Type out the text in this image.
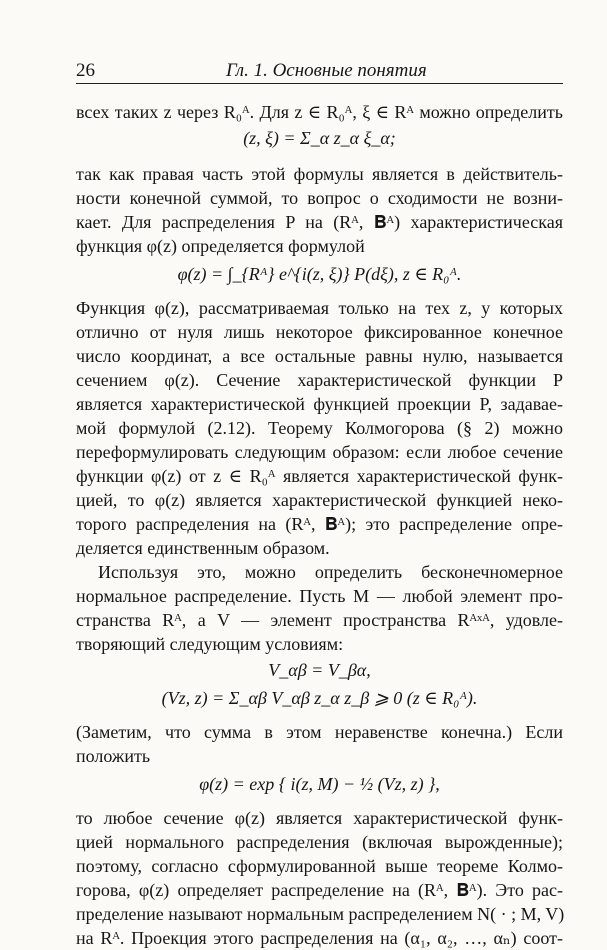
26	Гл. 1. Основные понятия
всех таких z через R₀ᴬ. Для z ∈ R₀ᴬ, ξ ∈ Rᴬ можно определить
(z, ξ) = Σ_α z_α ξ_α;
так как правая часть этой формулы является в действитель-
ности конечной суммой, то вопрос о сходимости не возни-
кает. Для распределения P на (Rᴬ, 𝐁ᴬ) характеристическая
функция φ(z) определяется формулой
φ(z) = ∫_{Rᴬ} e^{i(z, ξ)} P(dξ), z ∈ R₀ᴬ.
Функция φ(z), рассматриваемая только на тех z, у которых
отлично от нуля лишь некоторое фиксированное конечное
число координат, а все остальные равны нулю, называется
сечением φ(z). Сечение характеристической функции P
является характеристической функцией проекции P, задавае-
мой формулой (2.12). Теорему Колмогорова (§ 2) можно
переформулировать следующим образом: если любое сечение
функции φ(z) от z ∈ R₀ᴬ является характеристической функ-
цией, то φ(z) является характеристической функцией неко-
торого распределения на (Rᴬ, 𝐁ᴬ); это распределение опре-
деляется единственным образом.
Используя это, можно определить бесконечномерное
нормальное распределение. Пусть M — любой элемент про-
странства Rᴬ, а V — элемент пространства Rᴬˣᴬ, удовле-
творяющий следующим условиям:
V_αβ = V_βα,
(Vz, z) = Σ_αβ V_αβ z_α z_β ⩾ 0 (z ∈ R₀ᴬ).
(Заметим, что сумма в этом неравенстве конечна.) Если
положить
φ(z) = exp { i(z, M) − ½ (Vz, z) },
то любое сечение φ(z) является характеристической функ-
цией нормального распределения (включая вырожденные);
поэтому, согласно сформулированной выше теореме Колмо-
горова, φ(z) определяет распределение на (Rᴬ, 𝐁ᴬ). Это рас-
пределение называют нормальным распределением N( · ; M, V)
на Rᴬ. Проекция этого распределения на (α₁, α₂, …, αₙ) соот-
